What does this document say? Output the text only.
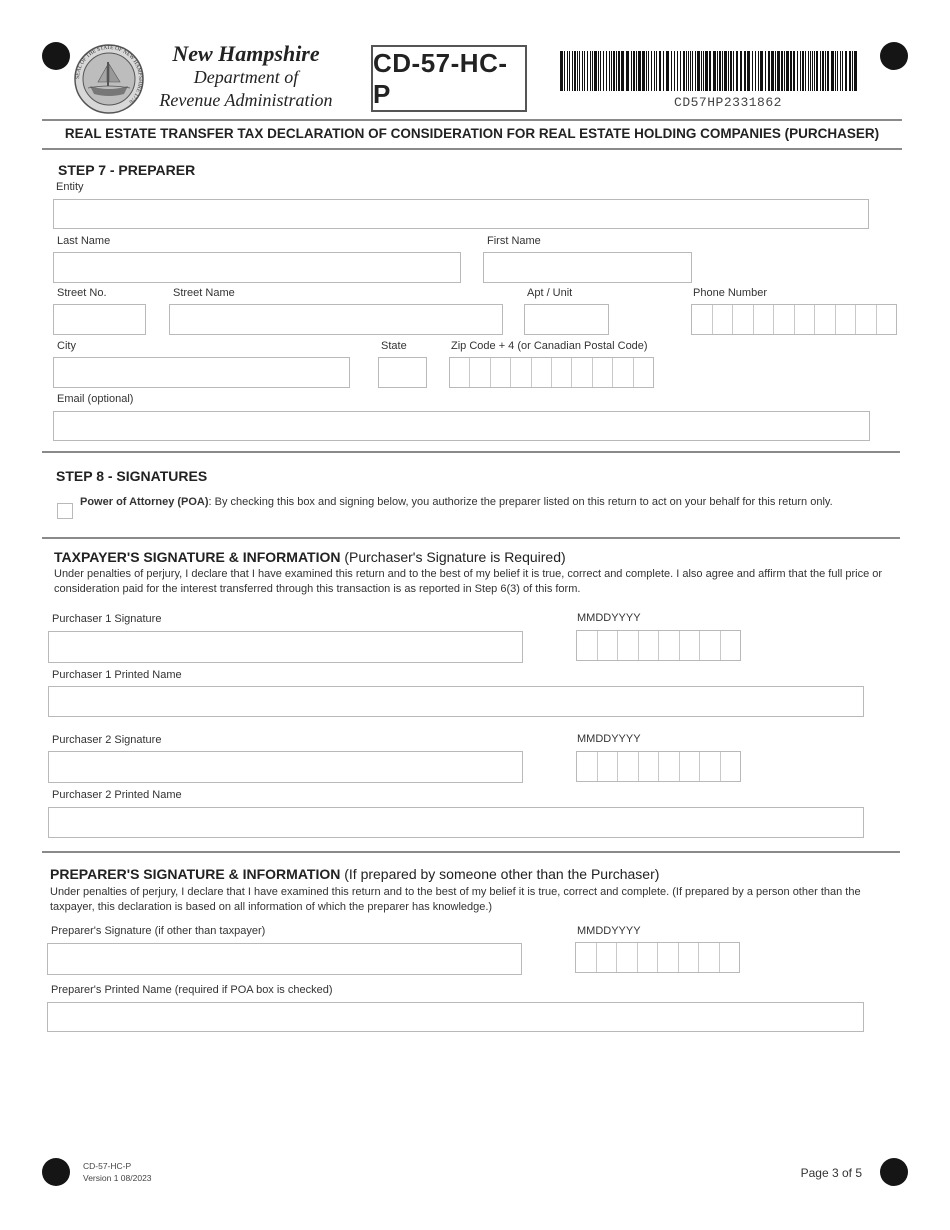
SEAL OF THE STATE OF NEW HAMPSHIRE 1776
New Hampshire
Department of
Revenue Administration
CD-57-HC-P	CD57HP2331862
REAL ESTATE TRANSFER TAX DECLARATION OF CONSIDERATION FOR REAL ESTATE HOLDING COMPANIES (PURCHASER)
STEP 7 - PREPARER
Entity
Last Name	First Name
Street No.	Street Name	Apt / Unit	Phone Number
City	State	Zip Code + 4 (or Canadian Postal Code)
Email (optional)
STEP 8 - SIGNATURES
Power of Attorney (POA): By checking this box and signing below, you authorize the preparer listed on this return to act on your behalf for this return only.
TAXPAYER'S SIGNATURE & INFORMATION (Purchaser's Signature is Required)
Under penalties of perjury, I declare that I have examined this return and to the best of my belief it is true, correct and complete. I also agree and affirm that the full price or consideration paid for the interest transferred through this transaction is as reported in Step 6(3) of this form.
Purchaser 1 Signature	MMDDYYYY
Purchaser 1 Printed Name
Purchaser 2 Signature	MMDDYYYY
Purchaser 2 Printed Name
PREPARER'S SIGNATURE & INFORMATION (If prepared by someone other than the Purchaser)
Under penalties of perjury, I declare that I have examined this return and to the best of my belief it is true, correct and complete. (If prepared by a person other than the taxpayer, this declaration is based on all information of which the preparer has knowledge.)
Preparer's Signature (if other than taxpayer)	MMDDYYYY
Preparer's Printed Name (required if POA box is checked)
CD-57-HC-P
Version 1 08/2023	Page 3 of 5
